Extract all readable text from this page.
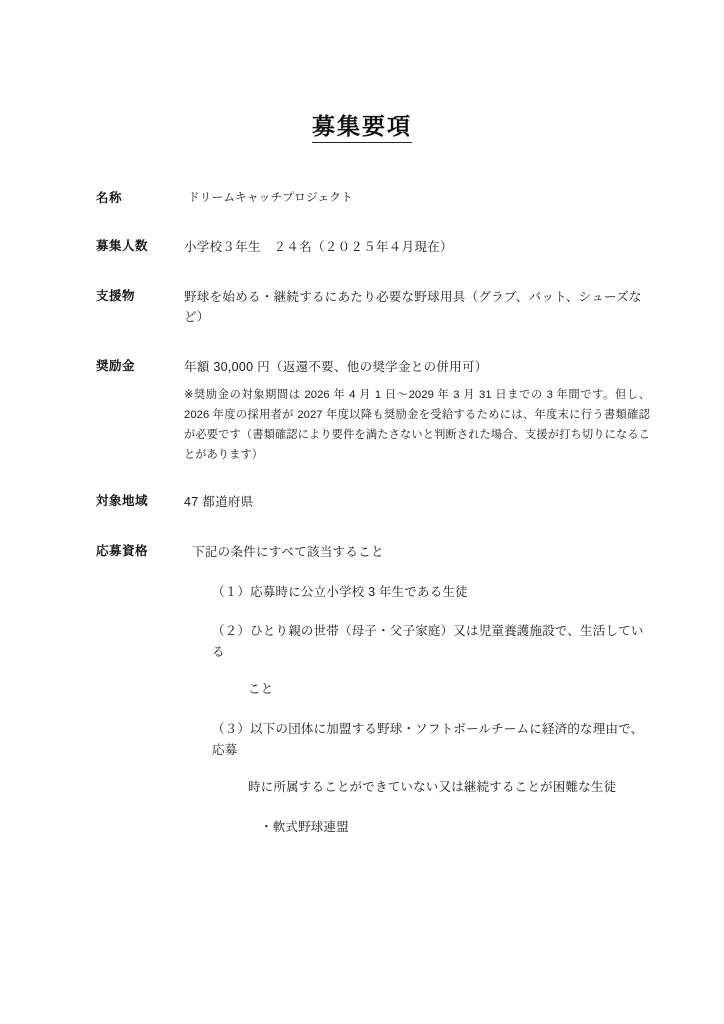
募集要項
名称	ドリームキャッチプロジェクト
募集人数	小学校３年生　２４名（２０２５年４月現在）
支援物	野球を始める・継続するにあたり必要な野球用具（グラブ、バット、シューズなど）
奨励金	年額 30,000 円（返還不要、他の奨学金との併用可）
※奨励金の対象期間は 2026 年 4 月 1 日～2029 年 3 月 31 日までの 3 年間です。但し、2026 年度の採用者が 2027 年度以降も奨励金を受給するためには、年度末に行う書類確認が必要です（書類確認により要件を満たさないと判断された場合、支援が打ち切りになることがあります）
対象地域	47 都道府県
応募資格	下記の条件にすべて該当すること
（１）応募時に公立小学校 3 年生である生徒
（２）ひとり親の世帯（母子・父子家庭）又は児童養護施設で、生活している
こと
（３）以下の団体に加盟する野球・ソフトボールチームに経済的な理由で、応募
時に所属することができていない又は継続することが困難な生徒
・軟式野球連盟
